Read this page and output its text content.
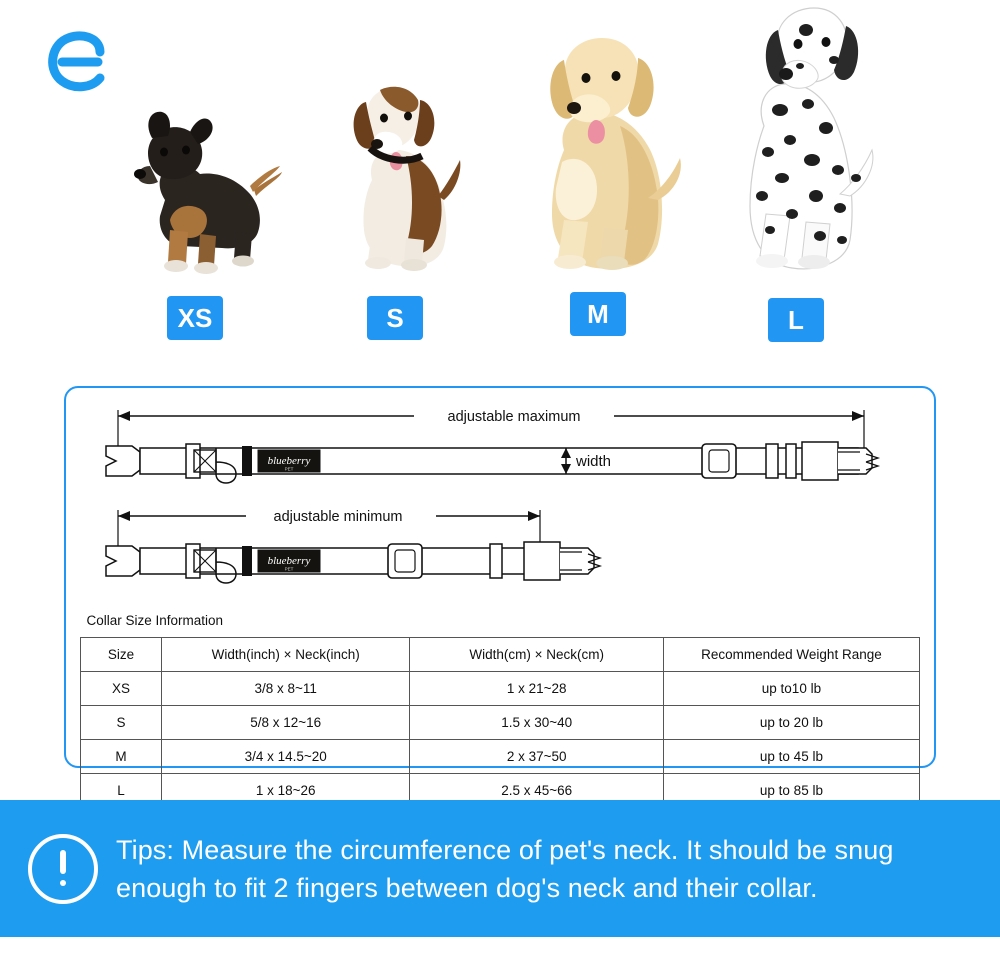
XS	S	M	L
adjustable maximum
blueberry
PET	width
adjustable minimum
blueberry
PET
Collar Size Information			
Size	Width(inch) × Neck(inch)	Width(cm) × Neck(cm)	Recommended Weight Range
XS	3/8 x 8~11	1 x 21~28	up to10 lb
S	5/8 x 12~16	1.5 x 30~40	up to 20 lb
M	3/4 x 14.5~20	2 x 37~50	up to 45 lb
L	1 x 18~26	2.5 x 45~66	up to 85 lb
Tips: Measure the circumference of pet's neck. It should be snug
enough to fit 2 fingers between dog's neck and their collar.
